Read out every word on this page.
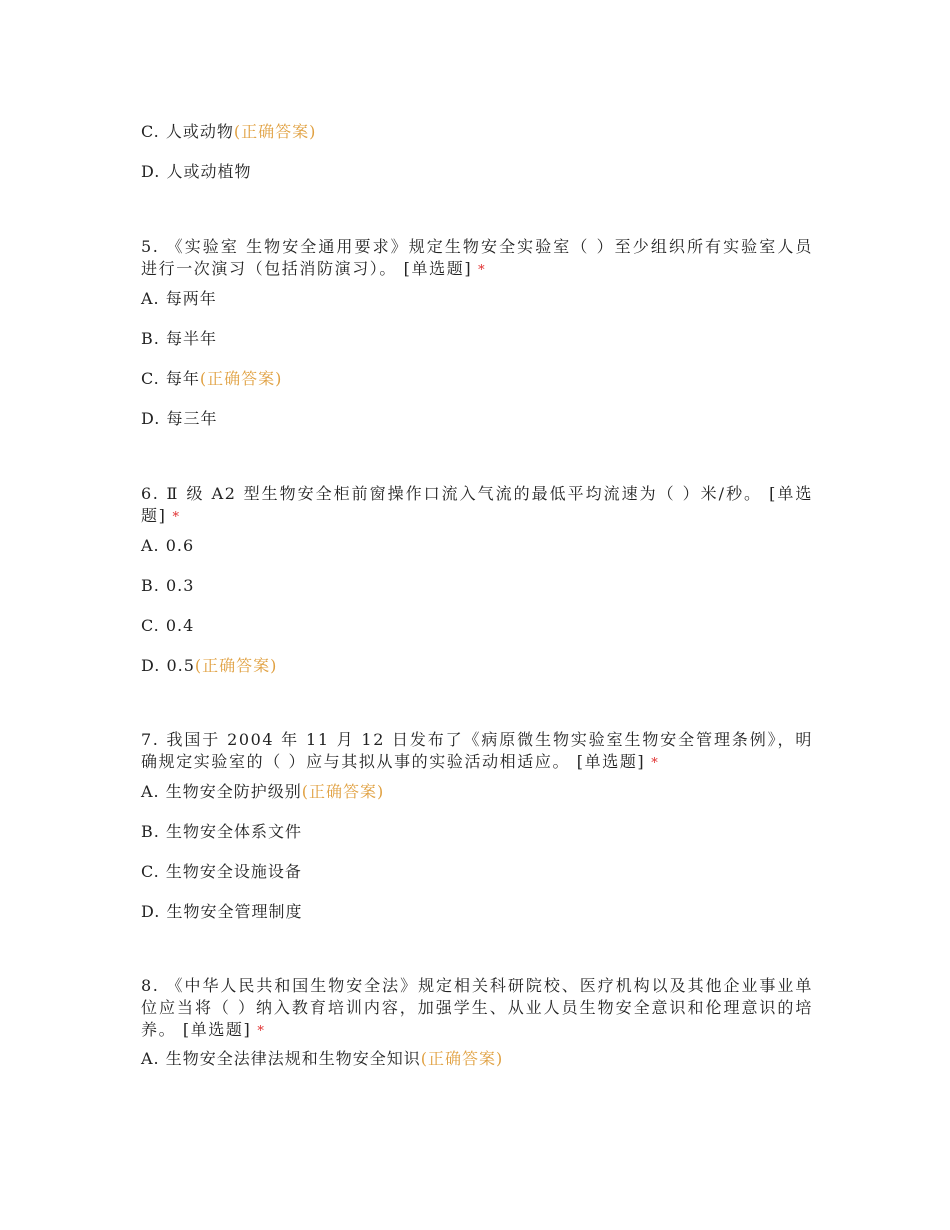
C. 人或动物(正确答案)
D. 人或动植物
5. 《实验室 生物安全通用要求》规定生物安全实验室（ ）至少组织所有实验室人员进行一次演习（包括消防演习）。 [单选题] *
A. 每两年
B. 每半年
C. 每年(正确答案)
D. 每三年
6. Ⅱ 级 A2 型生物安全柜前窗操作口流入气流的最低平均流速为（ ）米/秒。 [单选题] *
A. 0.6
B. 0.3
C. 0.4
D. 0.5(正确答案)
7. 我国于 2004 年 11 月 12 日发布了《病原微生物实验室生物安全管理条例》，明确规定实验室的（ ）应与其拟从事的实验活动相适应。 [单选题] *
A. 生物安全防护级别(正确答案)
B. 生物安全体系文件
C. 生物安全设施设备
D. 生物安全管理制度
8. 《中华人民共和国生物安全法》规定相关科研院校、医疗机构以及其他企业事业单位应当将（ ）纳入教育培训内容，加强学生、从业人员生物安全意识和伦理意识的培养。 [单选题] *
A. 生物安全法律法规和生物安全知识(正确答案)
